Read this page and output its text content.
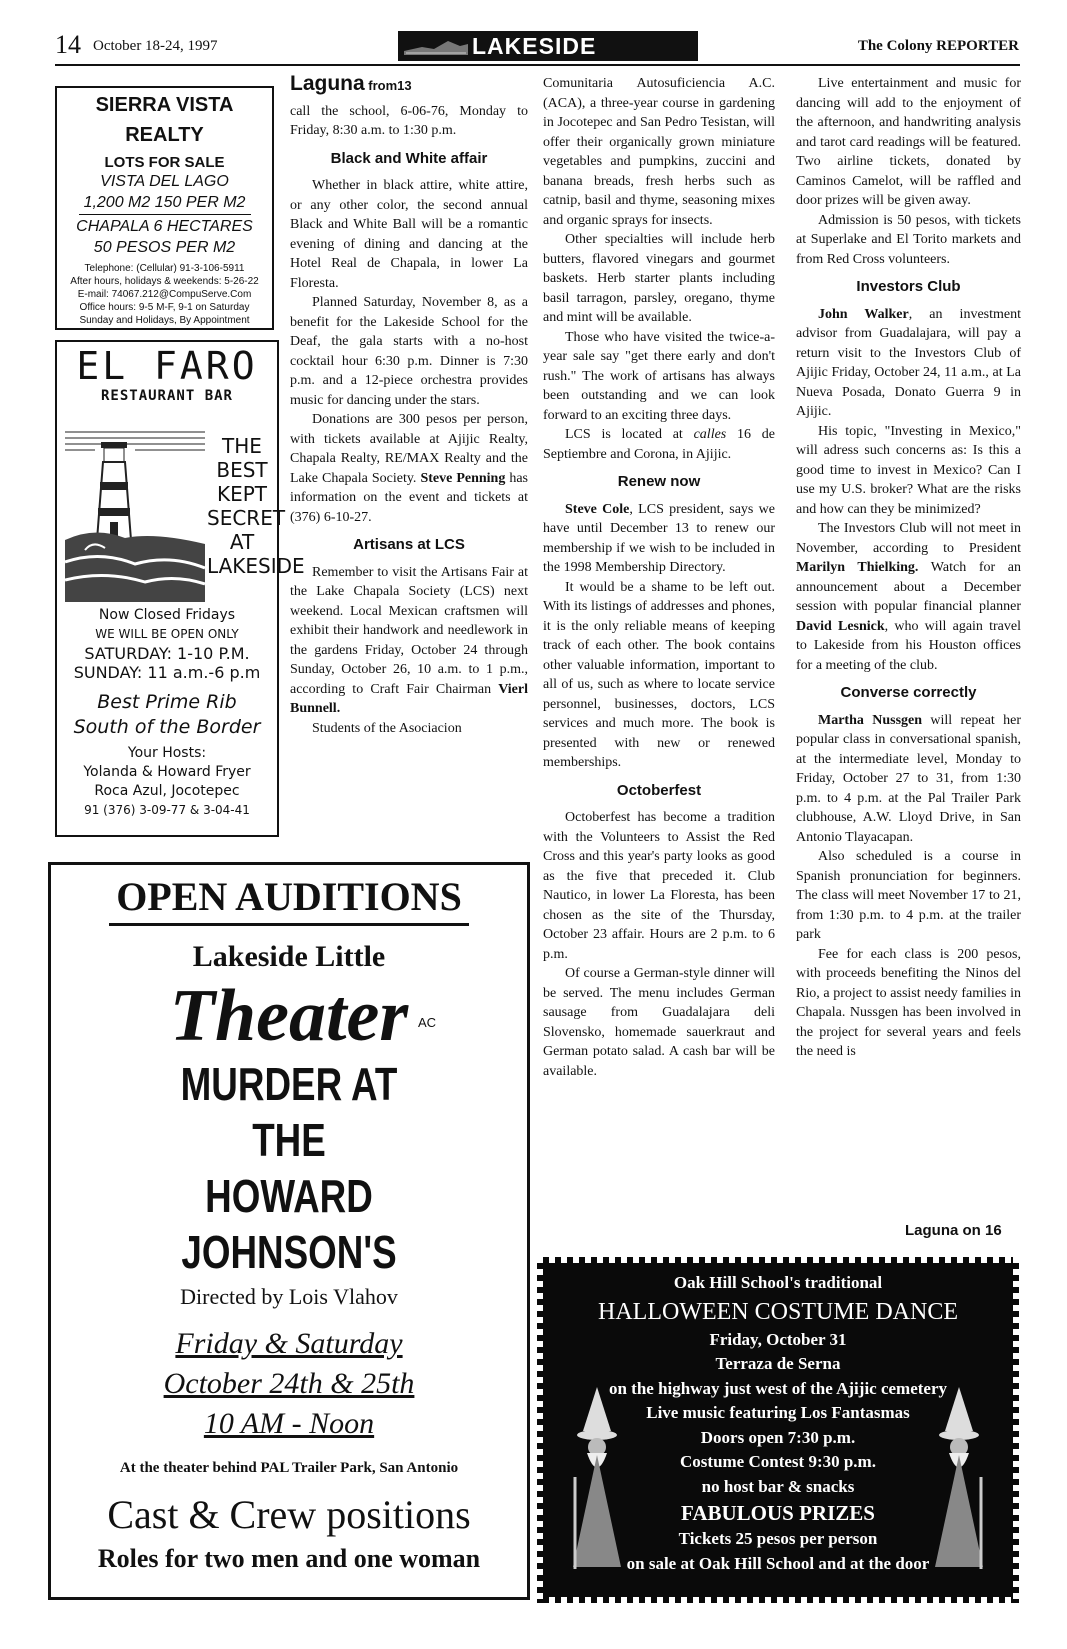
14 October 18-24, 1997	LAKESIDE	The Colony REPORTER
SIERRA VISTA
REALTY
LOTS FOR SALE
VISTA DEL LAGO
1,200 M2 150 PER M2
CHAPALA 6 HECTARES
50 PESOS PER M2
Telephone: (Cellular) 91-3-106-5911
After hours, holidays & weekends: 5-26-22
E-mail: 74067.212@CompuServe.Com
Office hours: 9-5 M-F, 9-1 on Saturday
Sunday and Holidays, By Appointment
EL FARO
RESTAURANT BAR
THE
BEST
KEPT
SECRET
AT
LAKESIDE
Now Closed Fridays
WE WILL BE OPEN ONLY
SATURDAY: 1-10 P.M.
SUNDAY: 11 a.m.-6 p.m
Best Prime Rib
South of the Border
Your Hosts:
Yolanda & Howard Fryer
Roca Azul, Jocotepec
91 (376) 3-09-77 & 3-04-41
Laguna from13

call the school, 6-06-76, Monday to Friday, 8:30 a.m. to 1:30 p.m.

Black and White affair

Whether in black attire, white attire, or any other color, the second annual Black and White Ball will be a romantic evening of dining and dancing at the Hotel Real de Chapala, in lower La Floresta.

Planned Saturday, November 8, as a benefit for the Lakeside School for the Deaf, the gala starts with a no-host cocktail hour 6:30 p.m. Dinner is 7:30 p.m. and a 12-piece orchestra provides music for dancing under the stars.

Donations are 300 pesos per person, with tickets available at Ajijic Realty, Chapala Realty, RE/MAX Realty and the Lake Chapala Society. Steve Penning has information on the event and tickets at (376) 6-10-27.

Artisans at LCS

Remember to visit the Artisans Fair at the Lake Chapala Society (LCS) next weekend. Local Mexican craftsmen will exhibit their handwork and needlework in the gardens Friday, October 24 through Sunday, October 26, 10 a.m. to 1 p.m., according to Craft Fair Chairman Vierl Bunnell.

Students of the Asociacion

Comunitaria Autosuficiencia A.C. (ACA), a three-year course in gardening in Jocotepec and San Pedro Tesistan, will offer their organically grown miniature vegetables and pumpkins, zuccini and banana breads, fresh herbs such as catnip, basil and thyme, seasoning mixes and organic sprays for insects.

Other specialties will include herb butters, flavored vinegars and gourmet baskets. Herb starter plants including basil tarragon, parsley, oregano, thyme and mint will be available.

Those who have visited the twice-a-year sale say "get there early and don't rush." The work of artisans has always been outstanding and we can look forward to an exciting three days.

LCS is located at calles 16 de Septiembre and Corona, in Ajijic.

Renew now

Steve Cole, LCS president, says we have until December 13 to renew our membership if we wish to be included in the 1998 Membership Directory.

It would be a shame to be left out. With its listings of addresses and phones, it is the only reliable means of keeping track of each other. The book contains other valuable information, important to all of us, such as where to locate service personnel, businesses, doctors, LCS services and much more. The book is presented with new or renewed memberships.

Octoberfest

Octoberfest has become a tradition with the Volunteers to Assist the Red Cross and this year's party looks as good as the five that preceded it. Club Nautico, in lower La Floresta, has been chosen as the site of the Thursday, October 23 affair. Hours are 2 p.m. to 6 p.m.

Of course a German-style dinner will be served. The menu includes German sausage from Guadalajara deli Slovensko, homemade sauerkraut and German potato salad. A cash bar will be available.

Live entertainment and music for dancing will add to the enjoyment of the afternoon, and handwriting analysis and tarot card readings will be featured. Two airline tickets, donated by Caminos Camelot, will be raffled and door prizes will be given away.

Admission is 50 pesos, with tickets at Superlake and El Torito markets and from Red Cross volunteers.

Investors Club

John Walker, an investment advisor from Guadalajara, will pay a return visit to the Investors Club of Ajijic Friday, October 24, 11 a.m., at La Nueva Posada, Donato Guerra 9 in Ajijic.

His topic, "Investing in Mexico," will adress such concerns as: Is this a good time to invest in Mexico? Can I use my U.S. broker? What are the risks and how can they be minimized?

The Investors Club will not meet in November, according to President Marilyn Thielking. Watch for an announcement about a December session with popular financial planner David Lesnick, who will again travel to Lakeside from his Houston offices for a meeting of the club.

Converse correctly

Martha Nussgen will repeat her popular class in conversational spanish, at the intermediate level, Monday to Friday, October 27 to 31, from 1:30 p.m. to 4 p.m. at the Pal Trailer Park clubhouse, A.W. Lloyd Drive, in San Antonio Tlayacapan.

Also scheduled is a course in Spanish pronunciation for beginners. The class will meet November 17 to 21, from 1:30 p.m. to 4 p.m. at the trailer park

Fee for each class is 200 pesos, with proceeds benefiting the Ninos del Rio, a project to assist needy families in Chapala. Nussgen has been involved in the project for several years and feels the need is

Laguna on 16
OPEN AUDITIONS
Lakeside Little
Theater AC
MURDER AT
THE
HOWARD
JOHNSON'S
Directed by Lois Vlahov
Friday & Saturday
October 24th & 25th
10 AM - Noon
At the theater behind PAL Trailer Park, San Antonio
Cast & Crew positions
Roles for two men and one woman
Oak Hill School's traditional
HALLOWEEN COSTUME DANCE
Friday, October 31
Terraza de Serna
on the highway just west of the Ajijic cemetery
Live music featuring Los Fantasmas
Doors open 7:30 p.m.
Costume Contest 9:30 p.m.
no host bar & snacks
FABULOUS PRIZES
Tickets 25 pesos per person
on sale at Oak Hill School and at the door
